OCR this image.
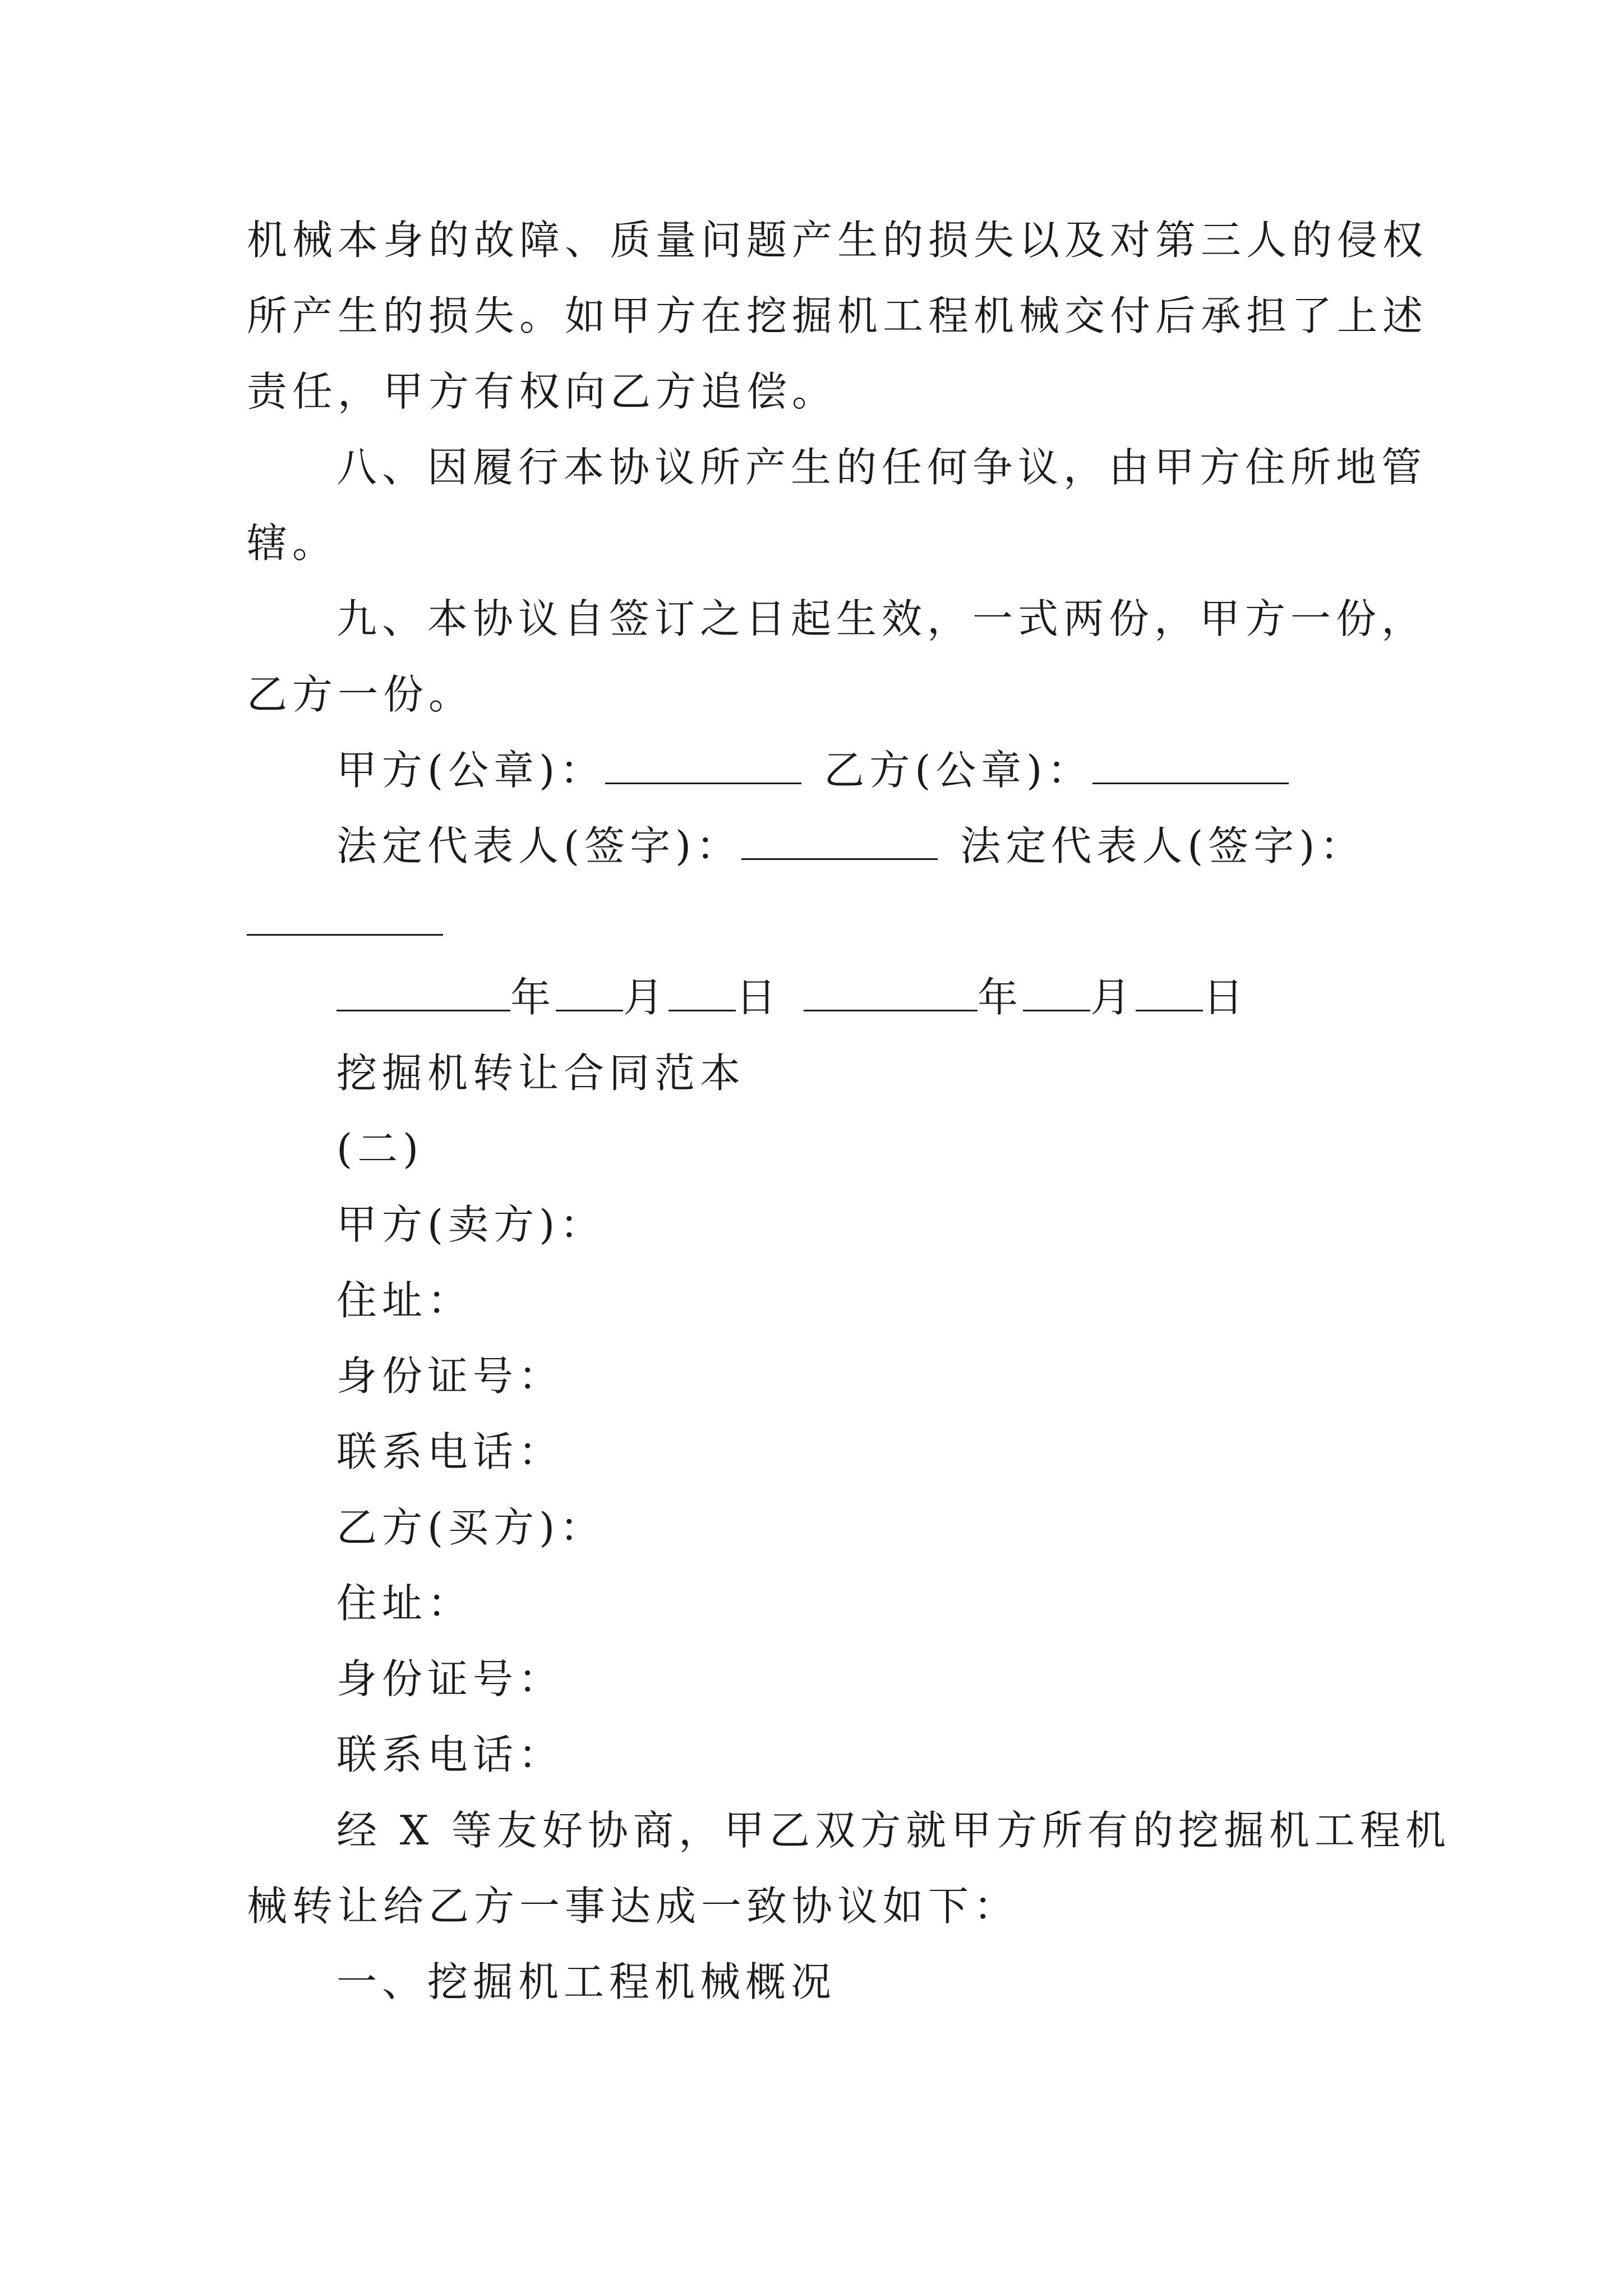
机械本身的故障、质量问题产生的损失以及对第三人的侵权
所产生的损失。如甲方在挖掘机工程机械交付后承担了上述
责任，甲方有权向乙方追偿。
八、因履行本协议所产生的任何争议，由甲方住所地管
辖。
九、本协议自签订之日起生效，一式两份，甲方一份，
乙方一份。
甲方(公章)：	乙方(公章)：
法定代表人(签字)：	法定代表人(签字)：
年 月 日	年 月 日
挖掘机转让合同范本
(二)
甲方(卖方)：
住址：
身份证号：
联系电话：
乙方(买方)：
住址：
身份证号：
联系电话：
经 X 等友好协商，甲乙双方就甲方所有的挖掘机工程机
械转让给乙方一事达成一致协议如下：
一、挖掘机工程机械概况
